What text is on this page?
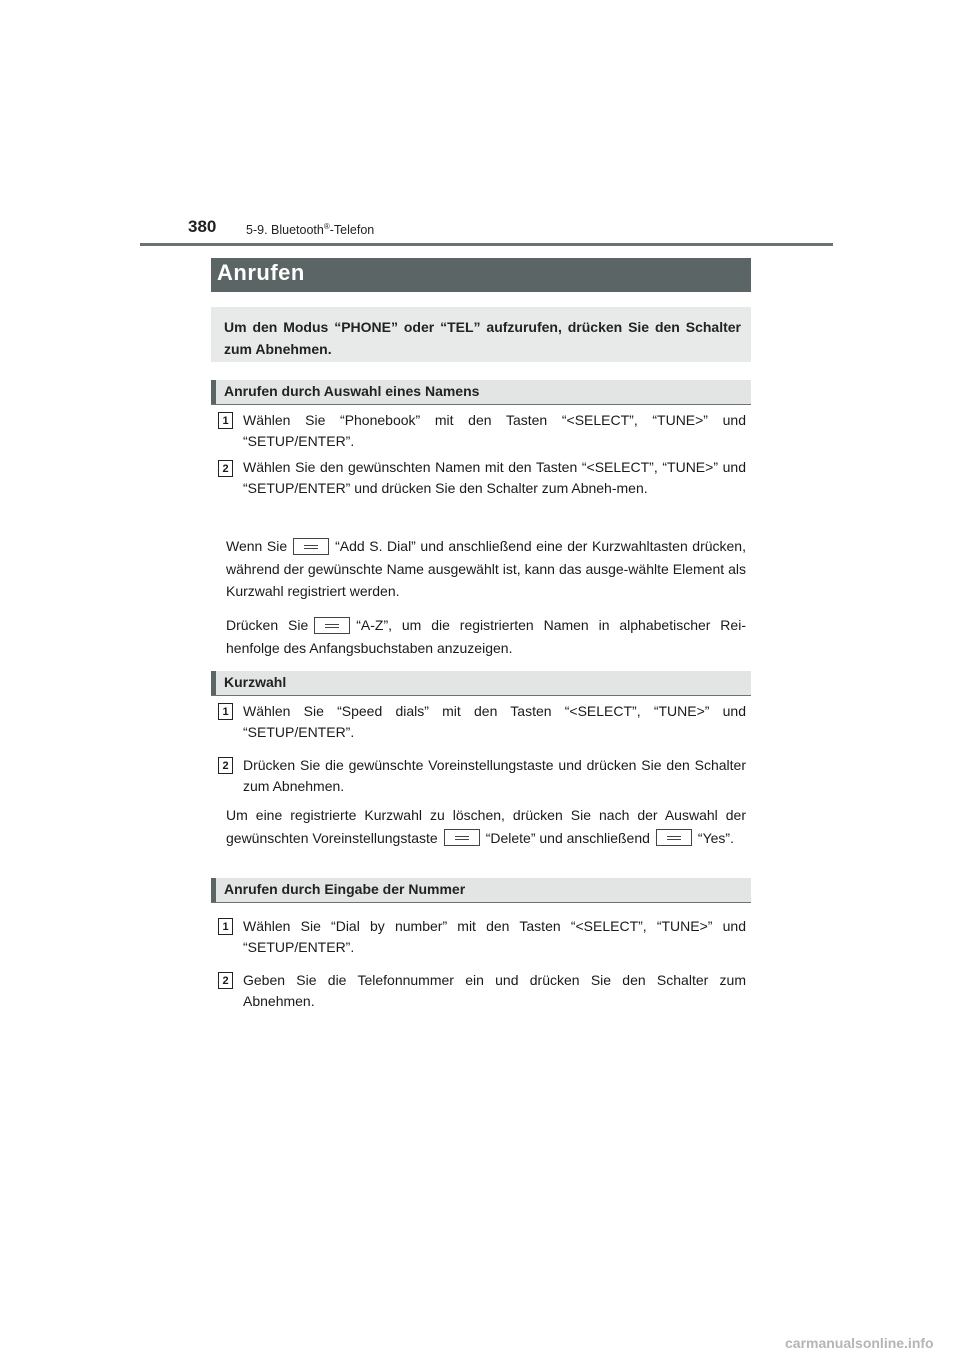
380 5-9. Bluetooth®-Telefon
Anrufen

Um den Modus “PHONE” oder “TEL” aufzurufen, drücken Sie den Schalter zum Abnehmen.

Anrufen durch Auswahl eines Namens
1	Wählen Sie “Phonebook” mit den Tasten “<SELECT”, “TUNE>” und “SETUP/ENTER”.

2	Wählen Sie den gewünschten Namen mit den Tasten “<SELECT”, “TUNE>” und “SETUP/ENTER” und drücken Sie den Schalter zum Abneh-men.

Wenn Sie	“Add S. Dial” und anschließend eine der Kurzwahltasten drücken, während der gewünschte Name ausgewählt ist, kann das ausge-wählte Element als Kurzwahl registriert werden.

Drücken Sie	“A-Z”, um die registrierten Namen in alphabetischer Rei-henfolge des Anfangsbuchstaben anzuzeigen.

Kurzwahl
1	Wählen Sie “Speed dials” mit den Tasten “<SELECT”, “TUNE>” und “SETUP/ENTER”.

2	Drücken Sie die gewünschte Voreinstellungstaste und drücken Sie den Schalter zum Abnehmen.

Um eine registrierte Kurzwahl zu löschen, drücken Sie nach der Auswahl der gewünschten Voreinstellungstaste	“Delete” und anschließend	“Yes”.

Anrufen durch Eingabe der Nummer
1	Wählen Sie “Dial by number” mit den Tasten “<SELECT”, “TUNE>” und “SETUP/ENTER”.

2	Geben Sie die Telefonnummer ein und drücken Sie den Schalter zum Abnehmen.

carmanualsonline.info
